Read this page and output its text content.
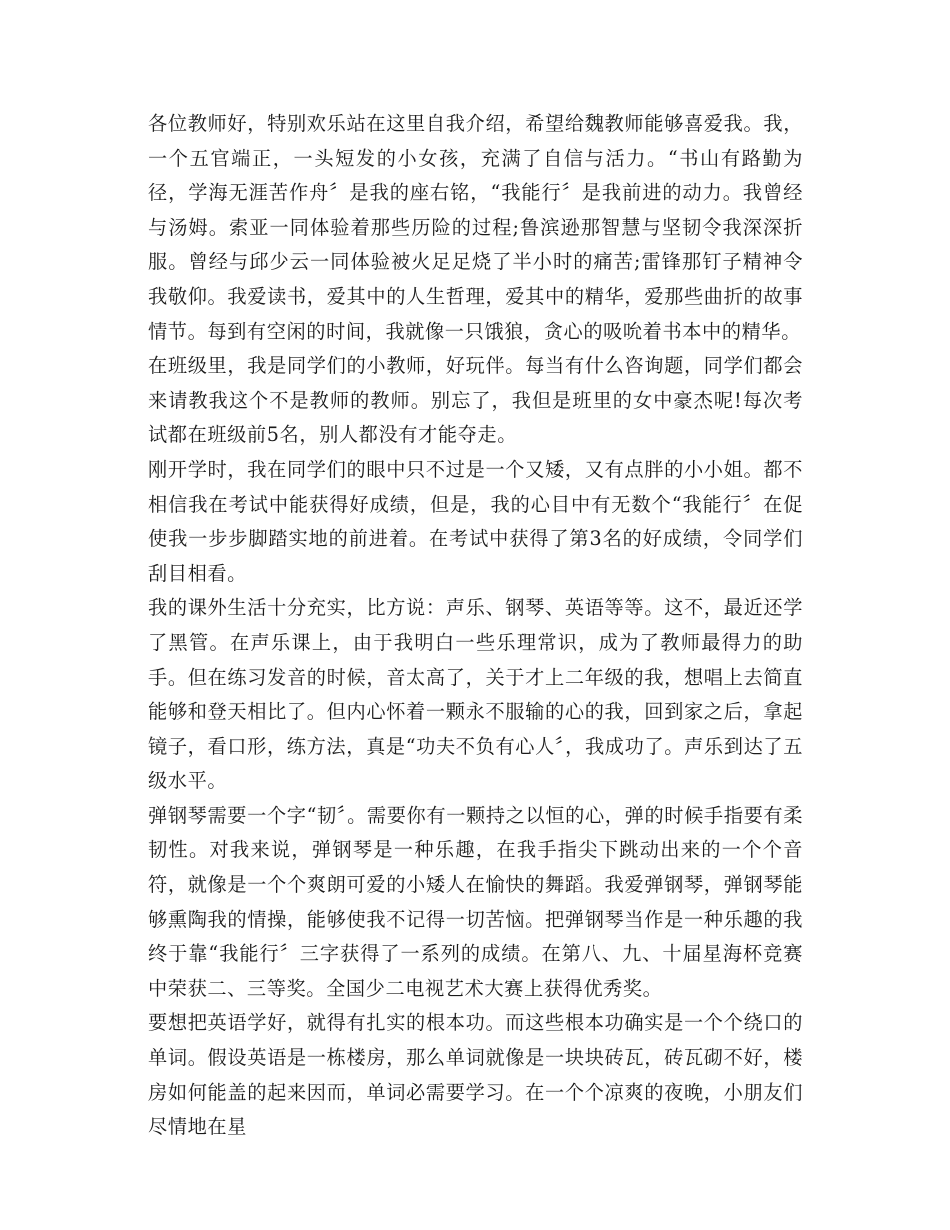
各位教师好，特别欢乐站在这里自我介绍，希望给魏教师能够喜爱我。我，一个五官端正，一头短发的小女孩，充满了自信与活力。“书山有路勤为径，学海无涯苦作舟〞是我的座右铭，“我能行〞是我前进的动力。我曾经与汤姆。索亚一同体验着那些历险的过程;鲁滨逊那智慧与坚韧令我深深折服。曾经与邱少云一同体验被火足足烧了半小时的痛苦;雷锋那钉子精神令我敬仰。我爱读书，爱其中的人生哲理，爱其中的精华，爱那些曲折的故事情节。每到有空闲的时间，我就像一只饿狼，贪心的吸吮着书本中的精华。

在班级里，我是同学们的小教师，好玩伴。每当有什么咨询题，同学们都会来请教我这个不是教师的教师。别忘了，我但是班里的女中豪杰呢!每次考试都在班级前5名，别人都没有才能夺走。

刚开学时，我在同学们的眼中只不过是一个又矮，又有点胖的小小姐。都不相信我在考试中能获得好成绩，但是，我的心目中有无数个“我能行〞在促使我一步步脚踏实地的前进着。在考试中获得了第3名的好成绩，令同学们刮目相看。

我的课外生活十分充实，比方说：声乐、钢琴、英语等等。这不，最近还学了黑管。在声乐课上，由于我明白一些乐理常识，成为了教师最得力的助手。但在练习发音的时候，音太高了，关于才上二年级的我，想唱上去简直能够和登天相比了。但内心怀着一颗永不服输的心的我，回到家之后，拿起镜子，看口形，练方法，真是“功夫不负有心人〞，我成功了。声乐到达了五级水平。

弹钢琴需要一个字“韧〞。需要你有一颗持之以恒的心，弹的时候手指要有柔韧性。对我来说，弹钢琴是一种乐趣，在我手指尖下跳动出来的一个个音符，就像是一个个爽朗可爱的小矮人在愉快的舞蹈。我爱弹钢琴，弹钢琴能够熏陶我的情操，能够使我不记得一切苦恼。把弹钢琴当作是一种乐趣的我终于靠“我能行〞三字获得了一系列的成绩。在第八、九、十届星海杯竞赛中荣获二、三等奖。全国少二电视艺术大赛上获得优秀奖。

要想把英语学好，就得有扎实的根本功。而这些根本功确实是一个个绕口的单词。假设英语是一栋楼房，那么单词就像是一块块砖瓦，砖瓦砌不好，楼房如何能盖的起来因而，单词必需要学习。在一个个凉爽的夜晚，小朋友们尽情地在星
